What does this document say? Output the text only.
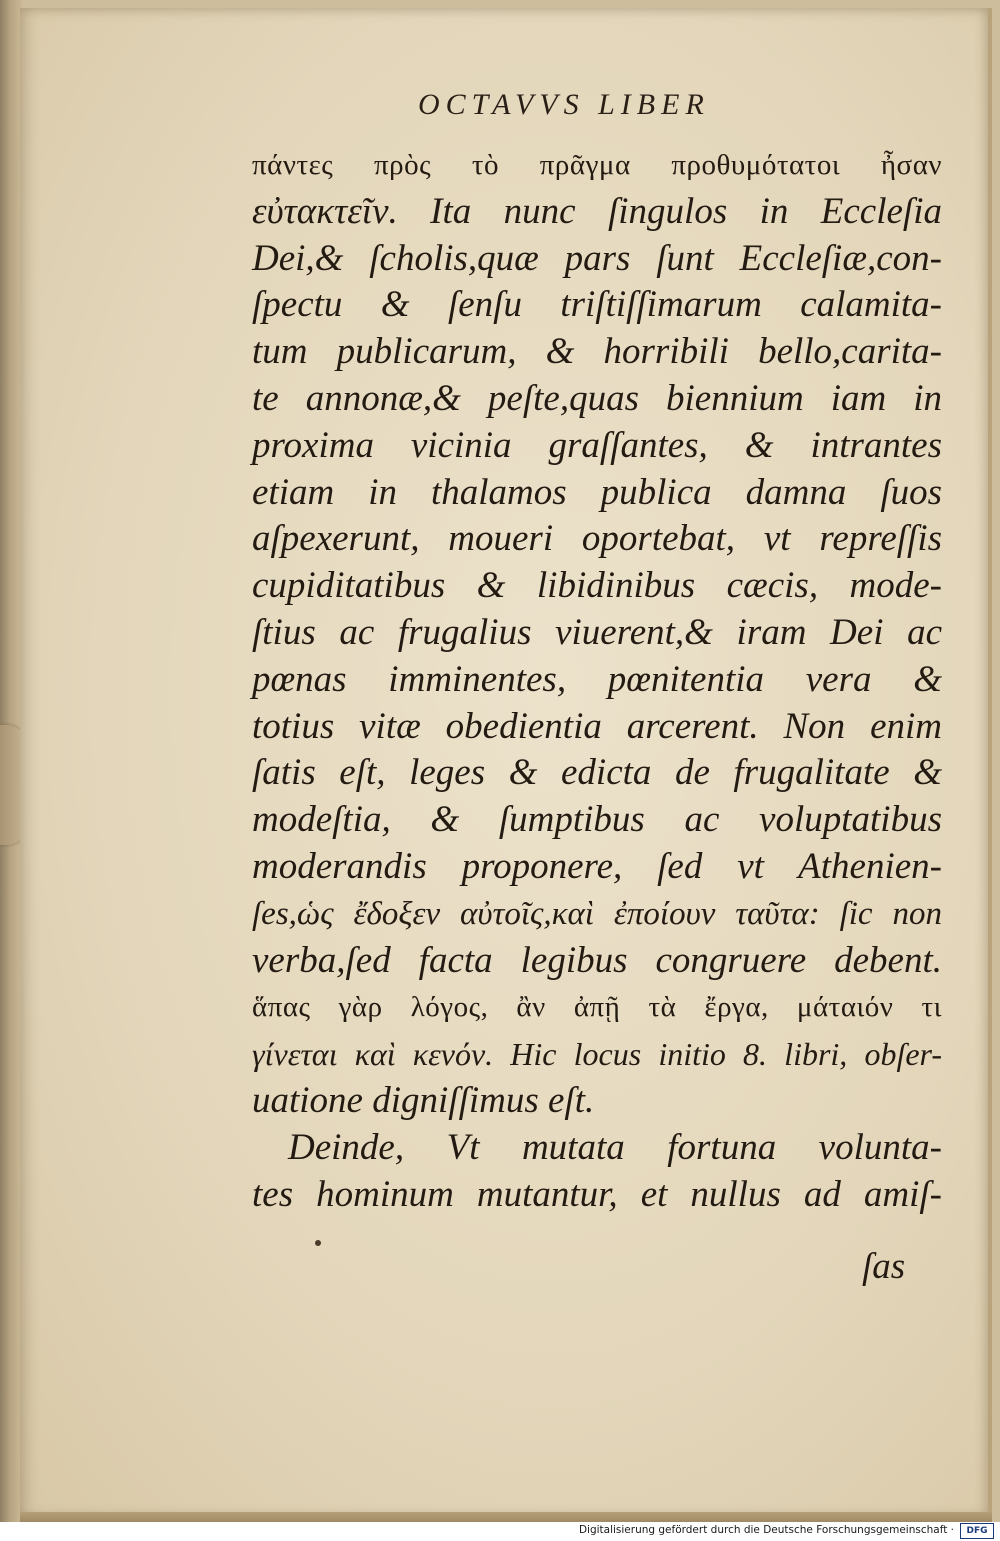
OCTAVVS LIBER
πάντες πρὸς τὸ πρᾶγμα προθυμότατοι ἦσαν
εὐτακτεῖν. Ita nunc ſingulos in Eccleſia
Dei,& ſcholis,quæ pars ſunt Eccleſiæ,con-
ſpectu & ſenſu triſtiſſimarum calamita-
tum publicarum, & horribili bello,carita-
te annonæ,& peſte,quas biennium iam in
proxima vicinia graſſantes, & intrantes
etiam in thalamos publica damna ſuos
aſpexerunt, moueri oportebat, vt repreſſis
cupiditatibus & libidinibus cæcis, mode-
ſtius ac frugalius viuerent,& iram Dei ac
pœnas imminentes, pœnitentia vera &
totius vitæ obedientia arcerent. Non enim
ſatis eſt, leges & edicta de frugalitate &
modeſtia, & ſumptibus ac voluptatibus
moderandis proponere, ſed vt Athenien-
ſes,ὡς ἔδοξεν αὐτοῖς,καὶ ἐποίουν ταῦτα: ſic non
verba,ſed facta legibus congruere debent.
ἅπας γὰρ λόγος, ἂν ἀπῇ τὰ ἔργα, μάταιόν τι
γίνεται καὶ κενόν. Hic locus initio 8. libri, obſer-
uatione digniſſimus eſt.
Deinde, Vt mutata fortuna volunta-
tes hominum mutantur, et nullus ad amiſ-
ſas
Digitalisierung gefördert durch die Deutsche Forschungsgemeinschaft ·	DFG
